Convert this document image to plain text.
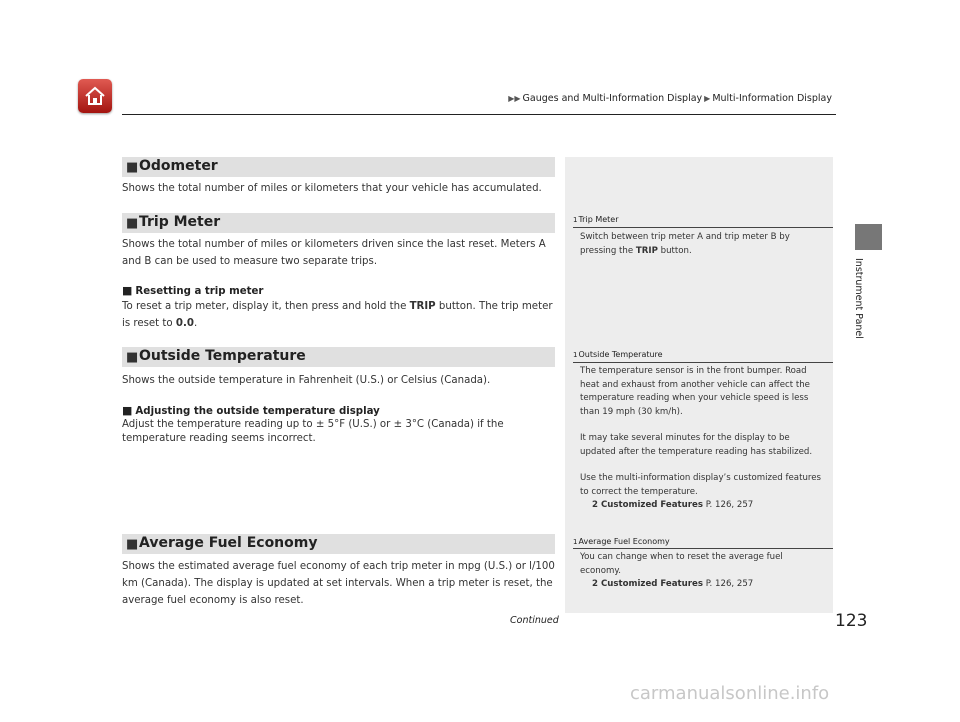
▶▶ Gauges and Multi-Information Display ▶ Multi-Information Display
Instrument Panel
■ Odometer
Shows the total number of miles or kilometers that your vehicle has accumulated.
■ Trip Meter
Shows the total number of miles or kilometers driven since the last reset. Meters A and B can be used to measure two separate trips.
■ Resetting a trip meter
To reset a trip meter, display it, then press and hold the TRIP button. The trip meter is reset to 0.0.
■ Outside Temperature
Shows the outside temperature in Fahrenheit (U.S.) or Celsius (Canada).
■ Adjusting the outside temperature display
Adjust the temperature reading up to ± 5°F (U.S.) or ± 3°C (Canada) if the temperature reading seems incorrect.
■ Average Fuel Economy
Shows the estimated average fuel economy of each trip meter in mpg (U.S.) or l/100 km (Canada). The display is updated at set intervals. When a trip meter is reset, the average fuel economy is also reset.
1Trip Meter
Switch between trip meter A and trip meter B by pressing the TRIP button.
1Outside Temperature
The temperature sensor is in the front bumper. Road heat and exhaust from another vehicle can affect the temperature reading when your vehicle speed is less than 19 mph (30 km/h).
It may take several minutes for the display to be updated after the temperature reading has stabilized.
Use the multi-information display’s customized features to correct the temperature.
2 Customized Features P. 126, 257
1Average Fuel Economy
You can change when to reset the average fuel economy.
2 Customized Features P. 126, 257
Continued	123
carmanualsonline.info
